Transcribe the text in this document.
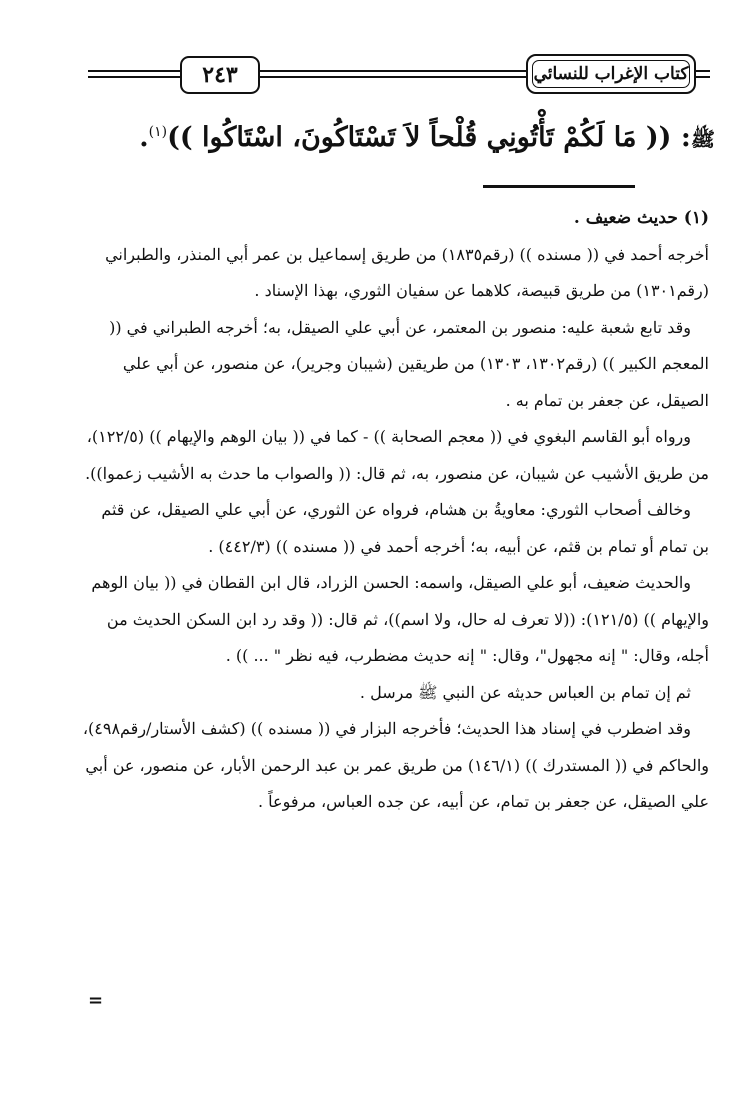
٢٤٣	كتاب الإغراب للنسائي
ﷺ: (( مَا لَكُمْ تَأْتُونِي قُلْحاً لاَ تَسْتَاكُونَ، اسْتَاكُوا ))$^{(١)}$.

(١) حديث ضعيف .

أخرجه أحمد في (( مسنده )) (رقم١٨٣٥) من طريق إسماعيل بن عمر أبي المنذر، والطبراني (رقم١٣٠١) من طريق قبيصة، كلاهما عن سفيان الثوري، بهذا الإسناد .

وقد تابع شعبة عليه: منصور بن المعتمر، عن أبي علي الصيقل، به؛ أخرجه الطبراني في (( المعجم الكبير )) (رقم١٣٠٢، ١٣٠٣) من طريقين (شيبان وجرير)، عن منصور، عن أبي علي الصيقل، عن جعفر بن تمام به .

ورواه أبو القاسم البغوي في (( معجم الصحابة )) - كما في (( بيان الوهم والإيهام )) (١٢٢/٥)، من طريق الأشيب عن شيبان، عن منصور، به، ثم قال: (( والصواب ما حدث به الأشيب زعموا)).

وخالف أصحاب الثوري: معاويةُ بن هشام، فرواه عن الثوري، عن أبي علي الصيقل، عن قثم بن تمام أو تمام بن قثم، عن أبيه، به؛ أخرجه أحمد في (( مسنده )) (٤٤٢/٣) .

والحديث ضعيف، أبو علي الصيقل، واسمه: الحسن الزراد، قال ابن القطان في (( بيان الوهم والإيهام )) (١٢١/٥): ((لا تعرف له حال، ولا اسم))، ثم قال: (( وقد رد ابن السكن الحديث من أجله، وقال: " إنه مجهول"، وقال: " إنه حديث مضطرب، فيه نظر " ... )) .

ثم إن تمام بن العباس حديثه عن النبي ﷺ مرسل .

وقد اضطرب في إسناد هذا الحديث؛ فأخرجه البزار في (( مسنده )) (كشف الأستار/رقم٤٩٨)، والحاكم في (( المستدرك )) (١٤٦/١) من طريق عمر بن عبد الرحمن الأبار، عن منصور، عن أبي علي الصيقل، عن جعفر بن تمام، عن أبيه، عن جده العباس، مرفوعاً .

=
